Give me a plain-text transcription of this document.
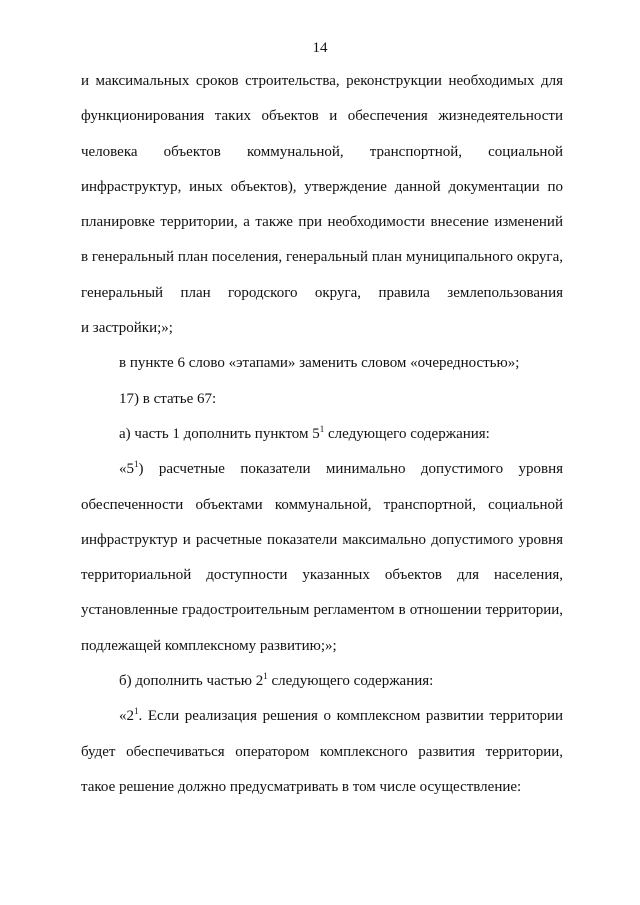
14
и максимальных сроков строительства, реконструкции необходимых для
функционирования таких объектов и обеспечения жизнедеятельности
человека объектов коммунальной, транспортной, социальной
инфраструктур, иных объектов), утверждение данной документации по
планировке территории, а также при необходимости внесение изменений
в генеральный план поселения, генеральный план муниципального округа,
генеральный план городского округа, правила землепользования
и застройки;»;
в пункте 6 слово «этапами» заменить словом «очередностью»;
17) в статье 67:
а) часть 1 дополнить пунктом $5^1$ следующего содержания:
«$5^1$) расчетные показатели минимально допустимого уровня
обеспеченности объектами коммунальной, транспортной, социальной
инфраструктур и расчетные показатели максимально допустимого уровня
территориальной доступности указанных объектов для населения,
установленные градостроительным регламентом в отношении территории,
подлежащей комплексному развитию;»;
б) дополнить частью $2^1$ следующего содержания:
«$2^1$. Если реализация решения о комплексном развитии территории
будет обеспечиваться оператором комплексного развития территории,
такое решение должно предусматривать в том числе осуществление:
